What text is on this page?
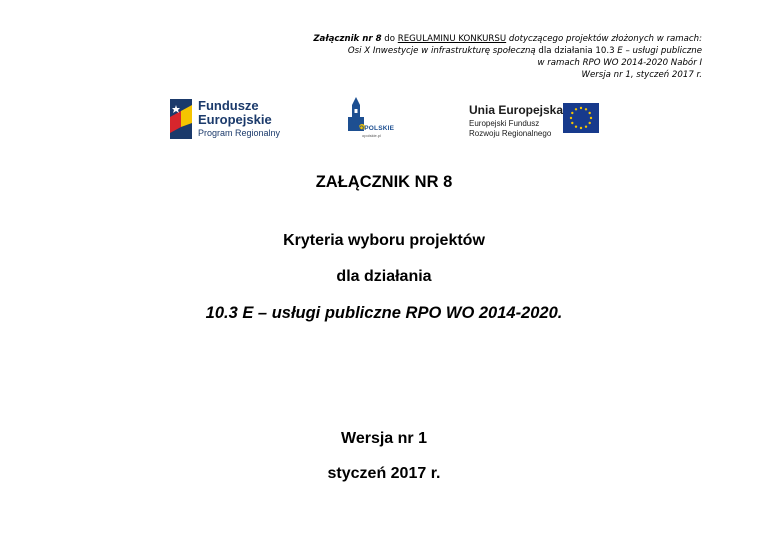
Załącznik nr 8 do REGULAMINU KONKURSU dotyczącego projektów złożonych w ramach:
Osi X Inwestycje w infrastrukturę społeczną dla działania 10.3 E – usługi publiczne
w ramach RPO WO 2014-2020 Nabór I
Wersja nr 1, styczeń 2017 r.
Fundusze
Europejskie
Program Regionalny	OPOLSKIE
opolskie.pl
Unia Europejska
Europejski Fundusz
Rozwoju Regionalnego
ZAŁĄCZNIK NR 8
Kryteria wyboru projektów
dla działania
10.3 E – usługi publiczne RPO WO 2014-2020.
Wersja nr 1
styczeń 2017 r.
